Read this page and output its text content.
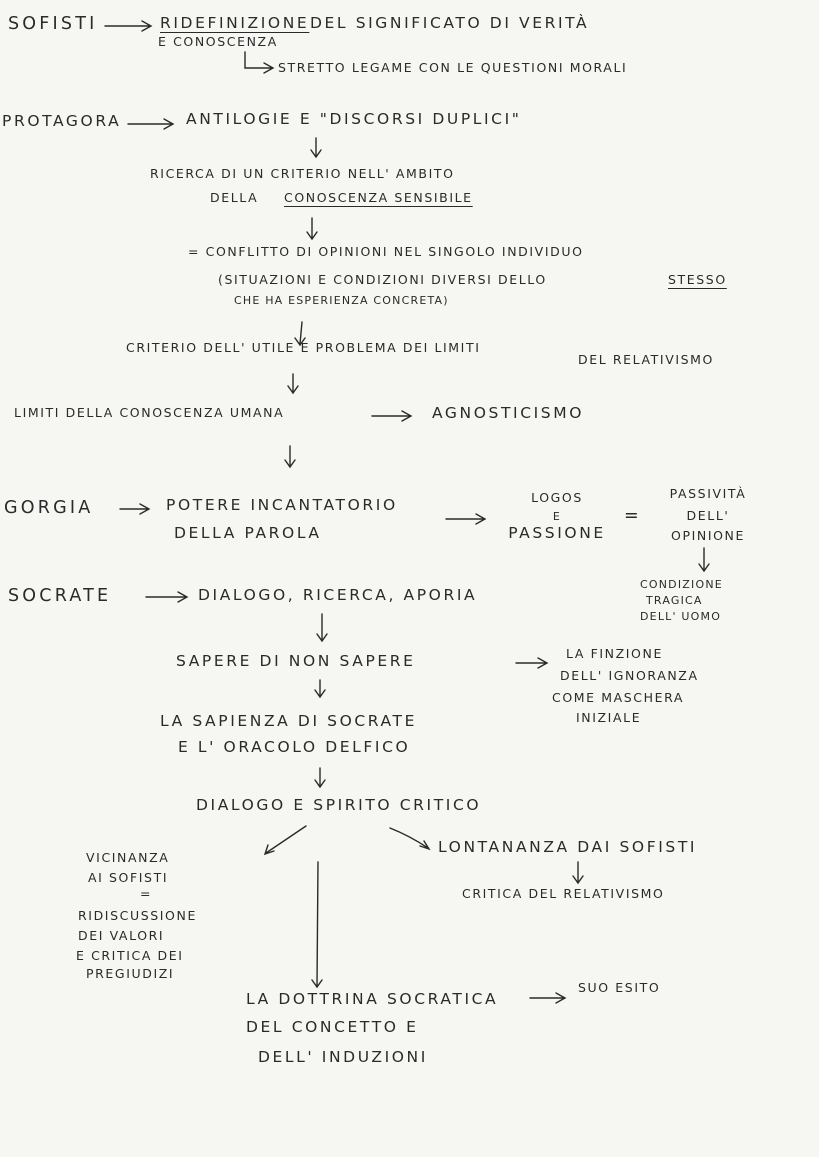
SOFISTI	RIDEFINIZIONE DEL SIGNIFICATO DI VERITÀ
E CONOSCENZA
STRETTO LEGAME CON LE QUESTIONI MORALI
PROTAGORA	ANTILOGIE E "DISCORSI DUPLICI"
RICERCA DI UN CRITERIO NELL' AMBITO
DELLA CONOSCENZA SENSIBILE
= CONFLITTO DI OPINIONI NEL SINGOLO INDIVIDUO
(SITUAZIONI E CONDIZIONI DIVERSI DELLO	STESSO
CHE HA ESPERIENZA CONCRETA)
CRITERIO DELL' UTILE E PROBLEMA DEI LIMITI
DEL RELATIVISMO
LIMITI DELLA CONOSCENZA UMANA	AGNOSTICISMO
GORGIA	POTERE INCANTATORIO
DELLA PAROLA
LOGOS
E
PASSIONE
=
PASSIVITÀ
DELL'
OPINIONE
CONDIZIONE
TRAGICA
DELL' UOMO
SOCRATE	DIALOGO, RICERCA, APORIA
SAPERE DI NON SAPERE	LA FINZIONE
DELL' IGNORANZA
COME MASCHERA
INIZIALE
LA SAPIENZA DI SOCRATE
E L' ORACOLO DELFICO
DIALOGO E SPIRITO CRITICO
VICINANZA
AI SOFISTI
=
RIDISCUSSIONE
DEI VALORI
E CRITICA DEI
PREGIUDIZI
LONTANANZA DAI SOFISTI
CRITICA DEL RELATIVISMO
LA DOTTRINA SOCRATICA
SUO ESITO
DEL CONCETTO E
DELL' INDUZIONI
